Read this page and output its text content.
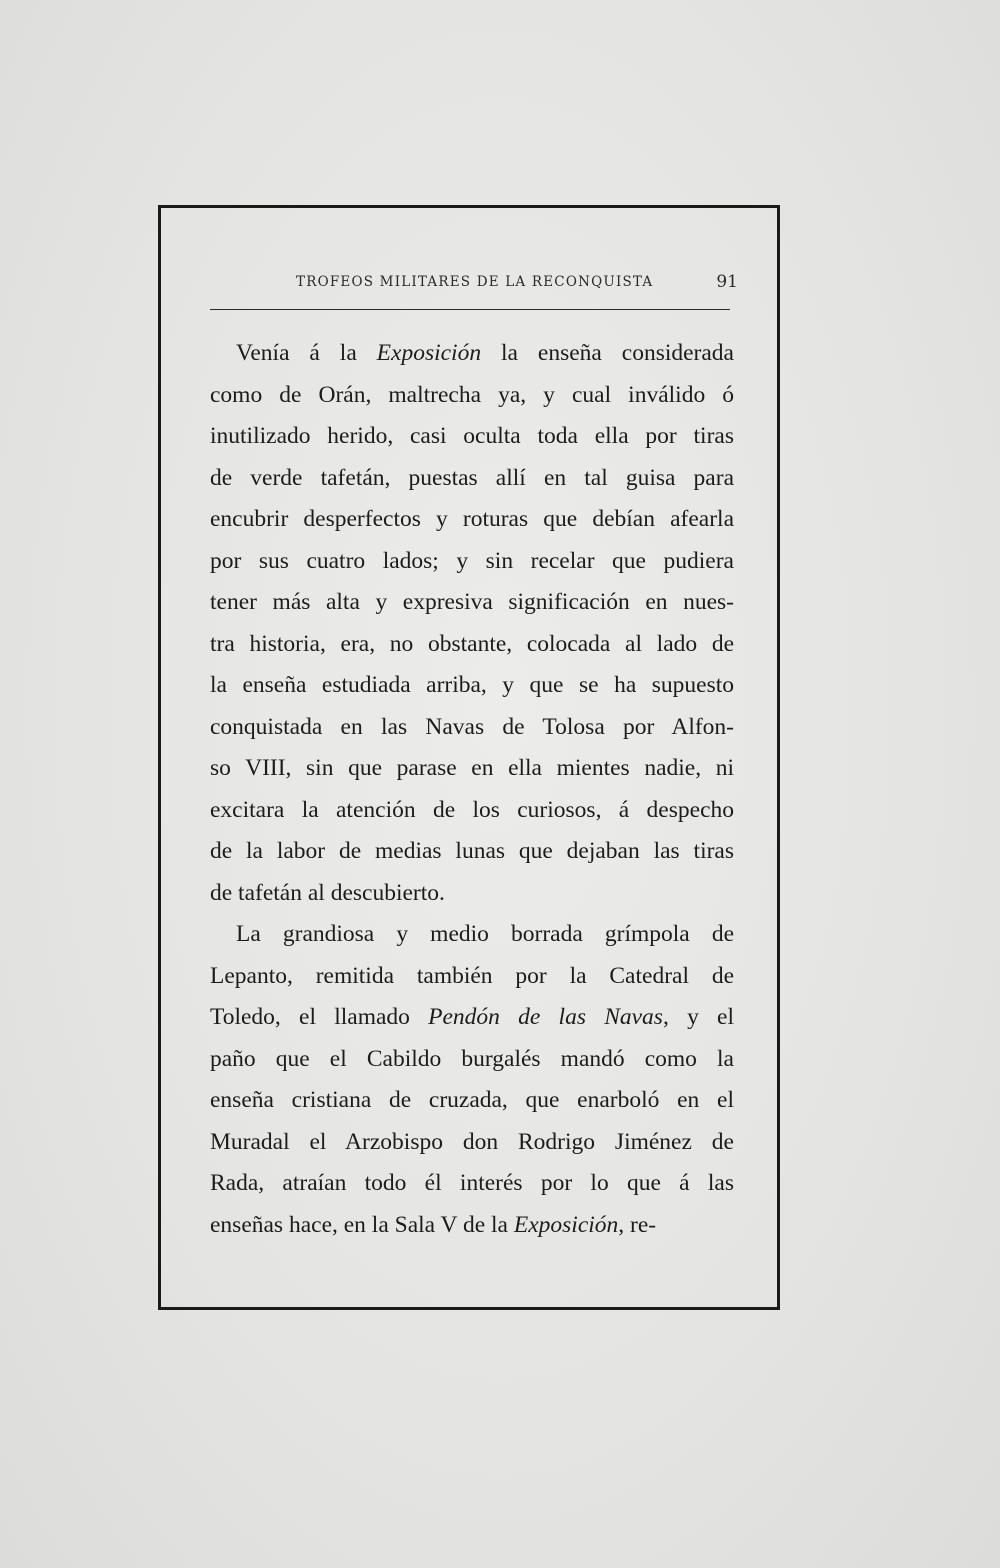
TROFEOS MILITARES DE LA RECONQUISTA	91
Venía á la Exposición la enseña considerada
como de Orán, maltrecha ya, y cual inválido ó
inutilizado herido, casi oculta toda ella por tiras
de verde tafetán, puestas allí en tal guisa para
encubrir desperfectos y roturas que debían afearla
por sus cuatro lados; y sin recelar que pudiera
tener más alta y expresiva significación en nues-
tra historia, era, no obstante, colocada al lado de
la enseña estudiada arriba, y que se ha supuesto
conquistada en las Navas de Tolosa por Alfon-
so VIII, sin que parase en ella mientes nadie, ni
excitara la atención de los curiosos, á despecho
de la labor de medias lunas que dejaban las tiras
de tafetán al descubierto.
La grandiosa y medio borrada grímpola de
Lepanto, remitida también por la Catedral de
Toledo, el llamado Pendón de las Navas, y el
paño que el Cabildo burgalés mandó como la
enseña cristiana de cruzada, que enarboló en el
Muradal el Arzobispo don Rodrigo Jiménez de
Rada, atraían todo él interés por lo que á las
enseñas hace, en la Sala V de la Exposición, re-
